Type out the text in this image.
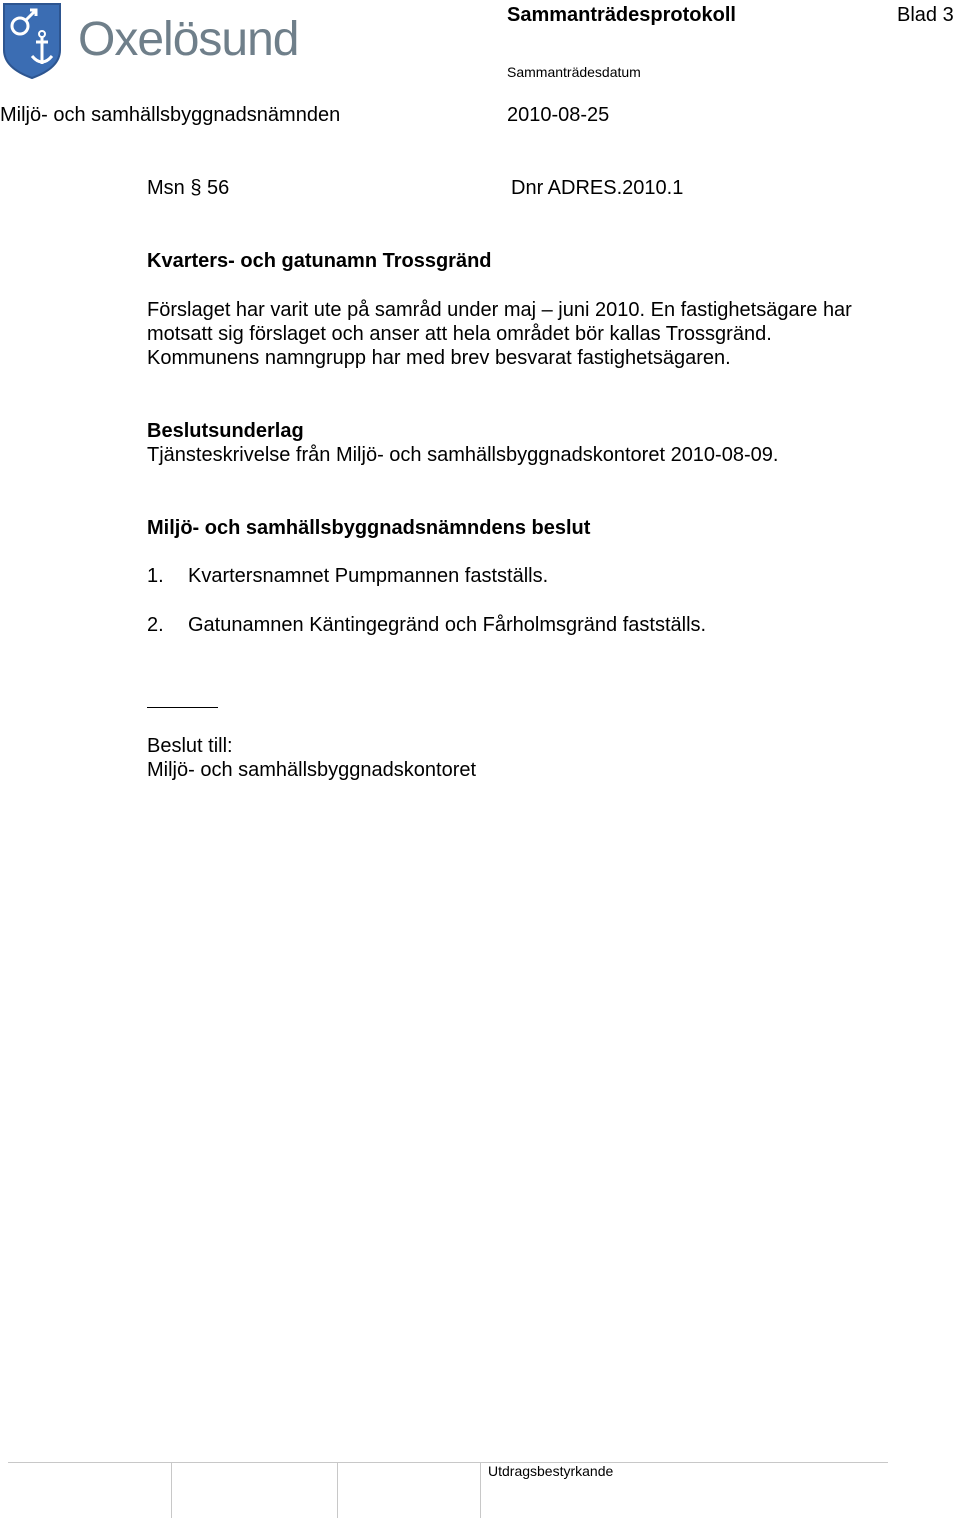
Oxelösund	Sammanträdesprotokoll	Blad 3
Sammanträdesdatum
Miljö- och samhällsbyggnadsnämnden	2010-08-25
Msn § 56	Dnr ADRES.2010.1
Kvarters- och gatunamn Trossgränd
Förslaget har varit ute på samråd under maj – juni 2010. En fastighetsägare har motsatt sig förslaget och anser att hela området bör kallas Trossgränd. Kommunens namngrupp har med brev besvarat fastighetsägaren.
Beslutsunderlag
Tjänsteskrivelse från Miljö- och samhällsbyggnadskontoret 2010-08-09.
Miljö- och samhällsbyggnadsnämndens beslut
1. Kvartersnamnet Pumpmannen fastställs.
2. Gatunamnen Käntingegränd och Fårholmsgränd fastställs.
Beslut till:
Miljö- och samhällsbyggnadskontoret
Utdragsbestyrkande
